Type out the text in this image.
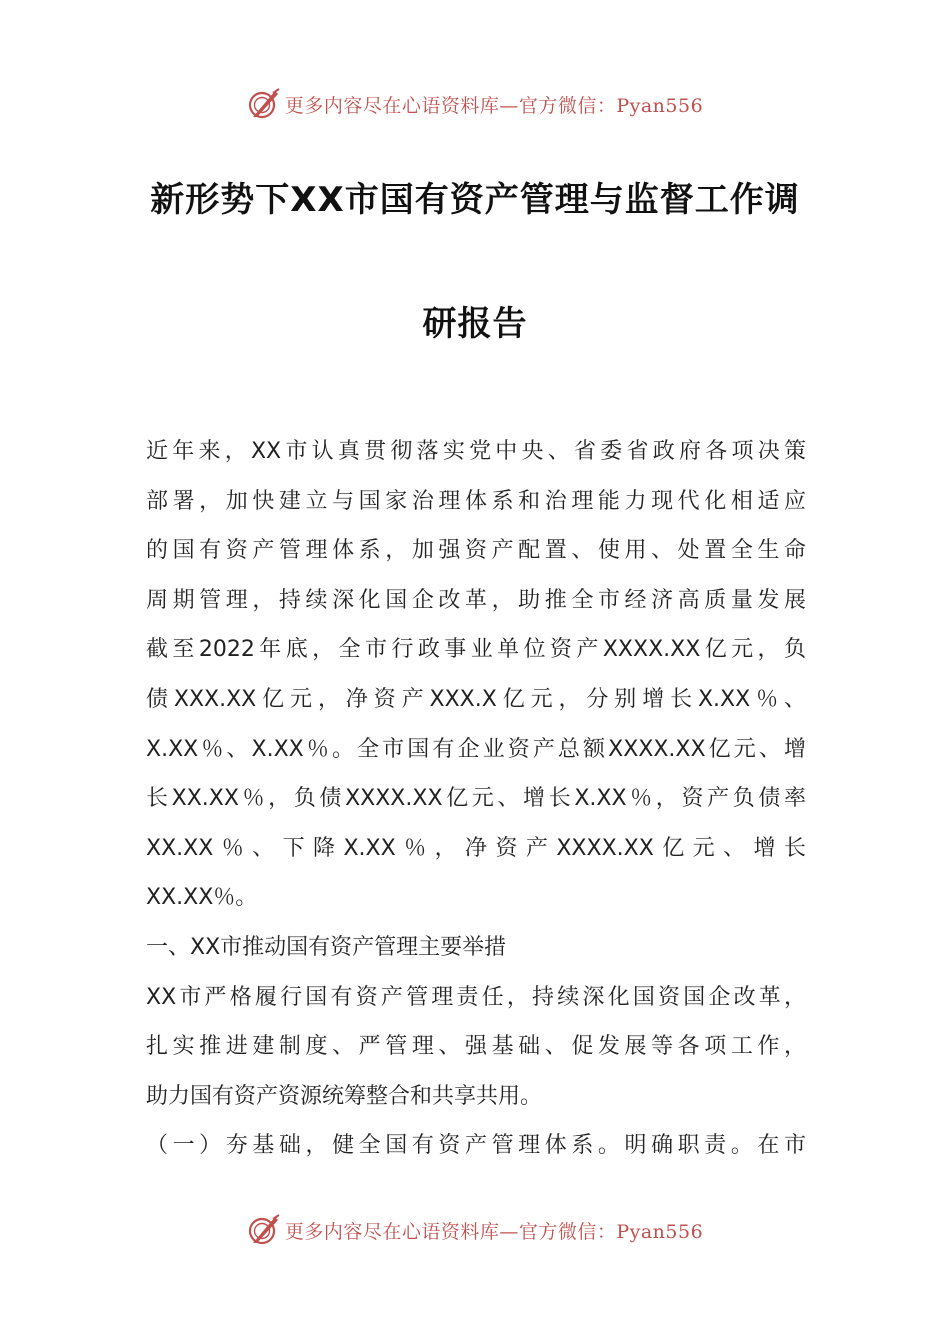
更多内容尽在心语资料库—官方微信：Pyan556
新形势下XX市国有资产管理与监督工作调
研报告
近年来，XX市认真贯彻落实党中央、省委省政府各项决策
部署，加快建立与国家治理体系和治理能力现代化相适应
的国有资产管理体系，加强资产配置、使用、处置全生命
周期管理，持续深化国企改革，助推全市经济高质量发展
截至2022年底，全市行政事业单位资产XXXX.XX亿元，负
债XXX.XX亿元，净资产XXX.X亿元，分别增长X.XX％、
X.XX％、X.XX％。全市国有企业资产总额XXXX.XX亿元、增
长XX.XX％，负债XXXX.XX亿元、增长X.XX％，资产负债率
XX.XX％、下降X.XX％，净资产XXXX.XX亿元、增长
XX.XX％。
一、XX市推动国有资产管理主要举措
XX市严格履行国有资产管理责任，持续深化国资国企改革，
扎实推进建制度、严管理、强基础、促发展等各项工作，
助力国有资产资源统筹整合和共享共用。
（一）夯基础，健全国有资产管理体系。明确职责。在市
更多内容尽在心语资料库—官方微信：Pyan556
